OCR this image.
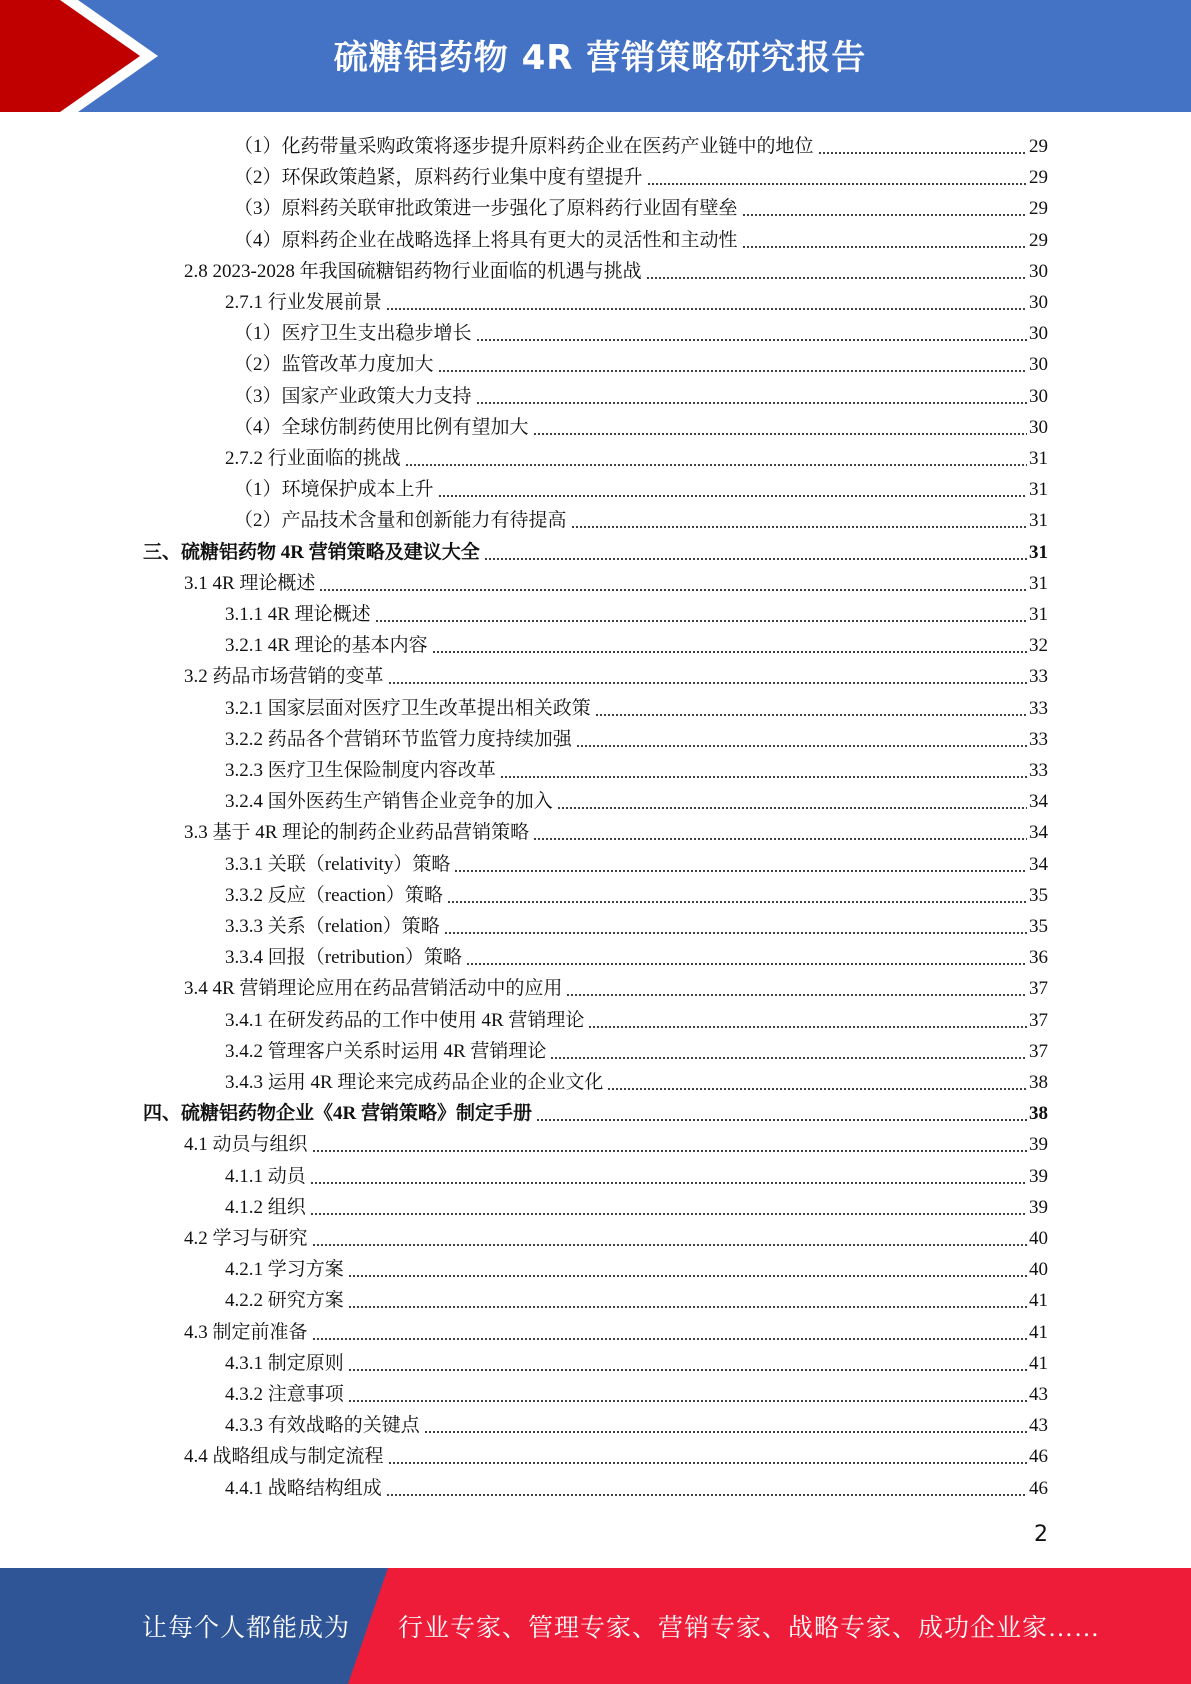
硫糖铝药物 4R 营销策略研究报告
（1）化药带量采购政策将逐步提升原料药企业在医药产业链中的地位	29
（2）环保政策趋紧，原料药行业集中度有望提升	29
（3）原料药关联审批政策进一步强化了原料药行业固有壁垒	29
（4）原料药企业在战略选择上将具有更大的灵活性和主动性	29
2.8 2023-2028 年我国硫糖铝药物行业面临的机遇与挑战	30
2.7.1 行业发展前景	30
（1）医疗卫生支出稳步增长	30
（2）监管改革力度加大	30
（3）国家产业政策大力支持	30
（4）全球仿制药使用比例有望加大	30
2.7.2 行业面临的挑战	31
（1）环境保护成本上升	31
（2）产品技术含量和创新能力有待提高	31
三、硫糖铝药物 4R 营销策略及建议大全	31
3.1 4R 理论概述	31
3.1.1 4R 理论概述	31
3.2.1 4R 理论的基本内容	32
3.2 药品市场营销的变革	33
3.2.1 国家层面对医疗卫生改革提出相关政策	33
3.2.2 药品各个营销环节监管力度持续加强	33
3.2.3 医疗卫生保险制度内容改革	33
3.2.4 国外医药生产销售企业竞争的加入	34
3.3 基于 4R 理论的制药企业药品营销策略	34
3.3.1 关联（relativity）策略	34
3.3.2 反应（reaction）策略	35
3.3.3 关系（relation）策略	35
3.3.4 回报（retribution）策略	36
3.4 4R 营销理论应用在药品营销活动中的应用	37
3.4.1 在研发药品的工作中使用 4R 营销理论	37
3.4.2 管理客户关系时运用 4R 营销理论	37
3.4.3 运用 4R 理论来完成药品企业的企业文化	38
四、硫糖铝药物企业《4R 营销策略》制定手册	38
4.1 动员与组织	39
4.1.1 动员	39
4.1.2 组织	39
4.2 学习与研究	40
4.2.1 学习方案	40
4.2.2 研究方案	41
4.3 制定前准备	41
4.3.1 制定原则	41
4.3.2 注意事项	43
4.3.3 有效战略的关键点	43
4.4 战略组成与制定流程	46
4.4.1 战略结构组成	46
2
让每个人都能成为 行业专家、管理专家、营销专家、战略专家、成功企业家……
